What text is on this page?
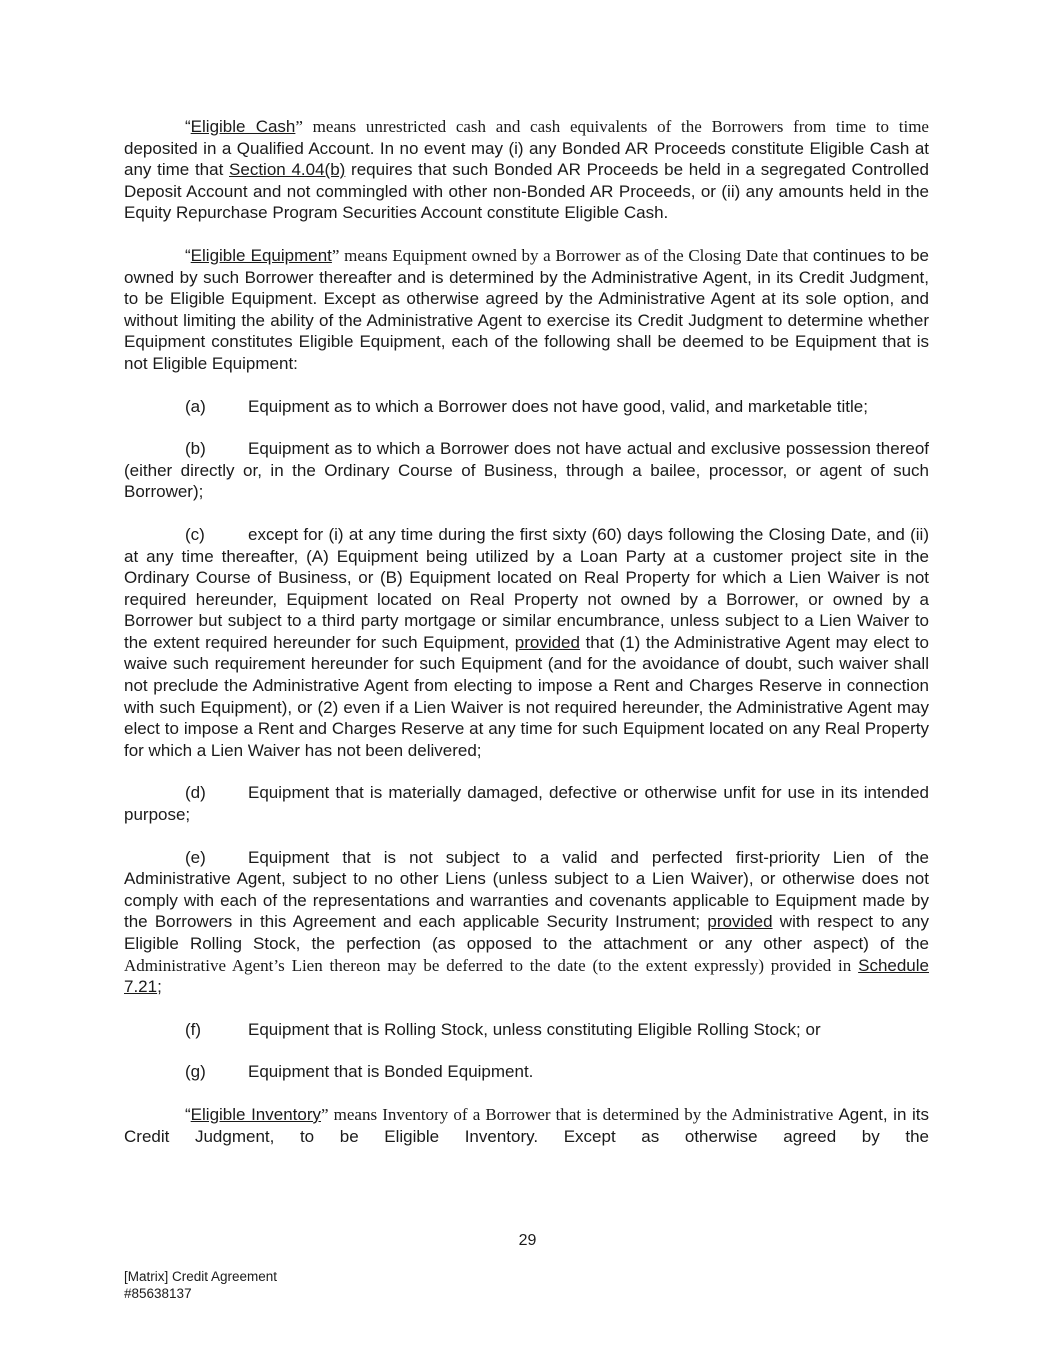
“Eligible Cash” means unrestricted cash and cash equivalents of the Borrowers from time to time deposited in a Qualified Account. In no event may (i) any Bonded AR Proceeds constitute Eligible Cash at any time that Section 4.04(b) requires that such Bonded AR Proceeds be held in a segregated Controlled Deposit Account and not commingled with other non-Bonded AR Proceeds, or (ii) any amounts held in the Equity Repurchase Program Securities Account constitute Eligible Cash.

“Eligible Equipment” means Equipment owned by a Borrower as of the Closing Date that continues to be owned by such Borrower thereafter and is determined by the Administrative Agent, in its Credit Judgment, to be Eligible Equipment. Except as otherwise agreed by the Administrative Agent at its sole option, and without limiting the ability of the Administrative Agent to exercise its Credit Judgment to determine whether Equipment constitutes Eligible Equipment, each of the following shall be deemed to be Equipment that is not Eligible Equipment:

(a) Equipment as to which a Borrower does not have good, valid, and marketable title;

(b) Equipment as to which a Borrower does not have actual and exclusive possession thereof (either directly or, in the Ordinary Course of Business, through a bailee, processor, or agent of such Borrower);

(c)	except for (i) at any time during the first sixty (60) days following the Closing Date, and (ii) at any time thereafter, (A) Equipment being utilized by a Loan Party at a customer project site in the Ordinary Course of Business, or (B) Equipment located on Real Property for which a Lien Waiver is not required hereunder, Equipment located on Real Property not owned by a Borrower, or owned by a Borrower but subject to a third party mortgage or similar encumbrance, unless subject to a Lien Waiver to the extent required hereunder for such Equipment, provided that (1) the Administrative Agent may elect to waive such requirement hereunder for such Equipment (and for the avoidance of doubt, such waiver shall not preclude the Administrative Agent from electing to impose a Rent and Charges Reserve in connection with such Equipment), or (2) even if a Lien Waiver is not required hereunder, the Administrative Agent may elect to impose a Rent and Charges Reserve at any time for such Equipment located on any Real Property for which a Lien Waiver has not been delivered;

(d) Equipment that is materially damaged, defective or otherwise unfit for use in its intended purpose;

(e) Equipment that is not subject to a valid and perfected first-priority Lien of the Administrative Agent, subject to no other Liens (unless subject to a Lien Waiver), or otherwise does not comply with each of the representations and warranties and covenants applicable to Equipment made by the Borrowers in this Agreement and each applicable Security Instrument; provided with respect to any Eligible Rolling Stock, the perfection (as opposed to the attachment or any other aspect) of the Administrative Agent’s Lien thereon may be deferred to the date (to the extent expressly) provided in Schedule 7.21;

(f)	Equipment that is Rolling Stock, unless constituting Eligible Rolling Stock; or

(g) Equipment that is Bonded Equipment.

“Eligible Inventory” means Inventory of a Borrower that is determined by the Administrative Agent, in its Credit Judgment, to be Eligible Inventory. Except as otherwise agreed by the

29
[Matrix] Credit Agreement
#85638137
